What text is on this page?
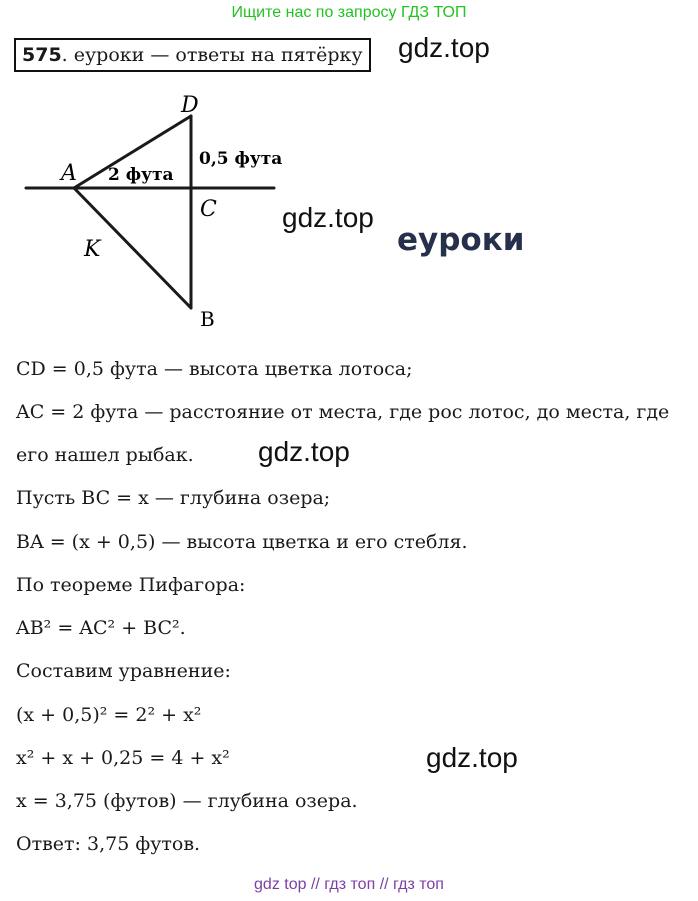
Ищите нас по запросу ГДЗ ТОП
575 . еуроки — ответы на пятёрку gdz.top
D
A
C
K
B
2 фута
0,5 фута
gdz.top
еуроки
CD = 0,5 фута — высота цветка лотоса;
AC = 2 фута — расстояние от места, где рос лотос, до места, где
его нашел рыбак. gdz.top
Пусть BC = x — глубина озера;
BA = (x + 0,5) — высота цветка и его стебля.
По теореме Пифагора:
AB² = AC² + BC².
Составим уравнение:
(x + 0,5)² = 2² + x²
x² + x + 0,25 = 4 + x²	gdz.top
x = 3,75 (футов) — глубина озера.
Ответ: 3,75 футов.
gdz top // гдз топ // гдз топ
